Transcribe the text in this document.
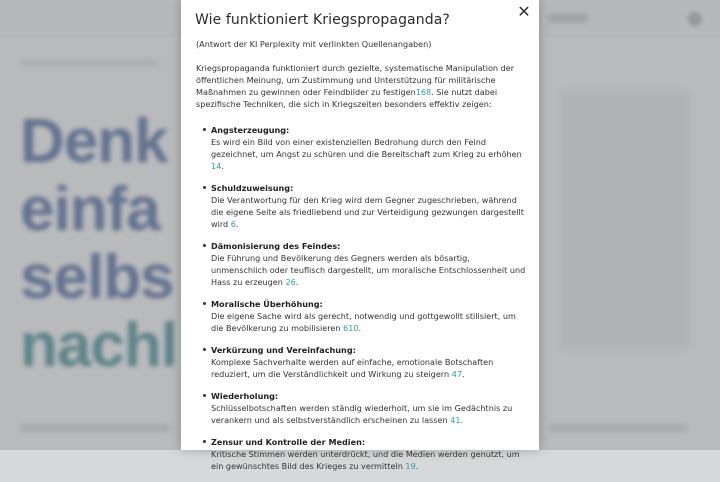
Denk
einfa
selbs
nachl
✕
Wie funktioniert Kriegspropaganda?

(Antwort der KI Perplexity mit verlinkten Quellenangaben)

Kriegspropaganda funktioniert durch gezielte, systematische Manipulation der öffentlichen Meinung, um Zustimmung und Unterstützung für militärische Maßnahmen zu gewinnen oder Feindbilder zu festigen168. Sie nutzt dabei spezifische Techniken, die sich in Kriegszeiten besonders effektiv zeigen:

Angsterzeugung:
Es wird ein Bild von einer existenziellen Bedrohung durch den Feind gezeichnet, um Angst zu schüren und die Bereitschaft zum Krieg zu erhöhen 14.
Schuldzuweisung:
Die Verantwortung für den Krieg wird dem Gegner zugeschrieben, während die eigene Seite als friedliebend und zur Verteidigung gezwungen dargestellt wird 6.
Dämonisierung des Feindes:
Die Führung und Bevölkerung des Gegners werden als bösartig, unmenschlich oder teuflisch dargestellt, um moralische Entschlossenheit und Hass zu erzeugen 26.
Moralische Überhöhung:
Die eigene Sache wird als gerecht, notwendig und gottgewollt stilisiert, um die Bevölkerung zu mobilisieren 610.
Verkürzung und Vereinfachung:
Komplexe Sachverhalte werden auf einfache, emotionale Botschaften reduziert, um die Verständlichkeit und Wirkung zu steigern 47.
Wiederholung:
Schlüsselbotschaften werden ständig wiederholt, um sie im Gedächtnis zu verankern und als selbstverständlich erscheinen zu lassen 41.
Zensur und Kontrolle der Medien:
Kritische Stimmen werden unterdrückt, und die Medien werden genutzt, um ein gewünschtes Bild des Krieges zu vermitteln 19.
